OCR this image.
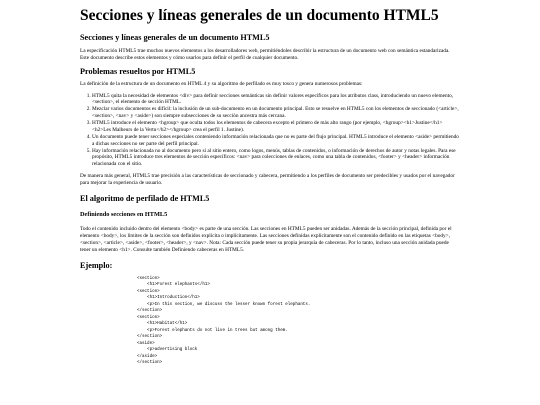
Secciones y líneas generales de un documento HTML5
Secciones y líneas generales de un documento HTML5

La especificación HTML5 trae muchos nuevos elementos a los desarrolladores web, permitiéndoles describir la estructura de un documento web con semántica estandarizada. Este documento describe estos elementos y cómo usarlos para definir el perfil de cualquier documento.

Problemas resueltos por HTML5

La definición de la estructura de un documento en HTML 4 y su algoritmo de perfilado es muy tosco y genera numerosos problemas:

1. HTML5 quita la necesidad de elementos <div> para definir secciones semánticas sin definir valores específicos para los atributos class, introduciendo un nuevo elemento, <section>, el elemento de sección HTML.
2. Mezclar varios documentos es difícil: la inclusión de un sub-documento en un documento principal. Esto se resuelve en HTML5 con los elementos de seccionado (<article>, <section>, <nav> y <aside>) son siempre subsecciones de su sección ancestra más cercana.
3. HTML5 introduce el elemento <hgroup> que oculta todos los elementos de cabecera excepto el primero de más alto rango (por ejemplo, <hgroup><h1>Justine</h1><h2>Les Malheurs de la Vertu</h2></hgroup> crea el perfil 1. Justine).
4. Un documento puede tener secciones especiales conteniendo información relacionada que no es parte del flujo principal. HTML5 introduce el elemento <aside> permitiendo a dichas secciones no ser parte del perfil principal.
5. Hay información relacionada no al documento pero sí al sitio entero, como logos, menús, tablas de contenidos, o información de derechos de autor y notas legales. Para ese propósito, HTML5 introduce tres elementos de sección específicos: <nav> para colecciones de enlaces, como una tabla de contenidos, <footer> y <header> información relacionada con el sitio.

De manera más general, HTML5 trae precisión a las características de seccionado y cabecera, permitiendo a los perfiles de documento ser predecibles y usados por el navegador para mejorar la experiencia de usuario.

El algoritmo de perfilado de HTML5
Definiendo secciones en HTML5

Todo el contenido incluido dentro del elemento <body> es parte de una sección. Las secciones en HTML5 pueden ser anidadas. Además de la sección principal, definida por el elemento <body>, los límites de la sección son definidos explícita o implícitamente. Las secciones definidas explícitamente son el contenido definido en las etiquetas <body>, <section>, <article>, <aside>, <footer>, <header>, y <nav>. Nota: Cada sección puede tener su propia jerarquía de cabeceras. Por lo tanto, incluso una sección anidada puede tener un elemento <h1>. Consulte también Definiendo cabeceras en HTML5.

Ejemplo:
<section>
<h1>Forest elephants</h1>
<section>
<h1>Introduction</h1>
<p>In this section, we discuss the lesser known forest elephants.
</section>
<section>
<h1>Habitat</h1>
<p>Forest elephants do not live in trees but among them.
</section>
<aside>
<p>advertising block
</aside>
</section>
